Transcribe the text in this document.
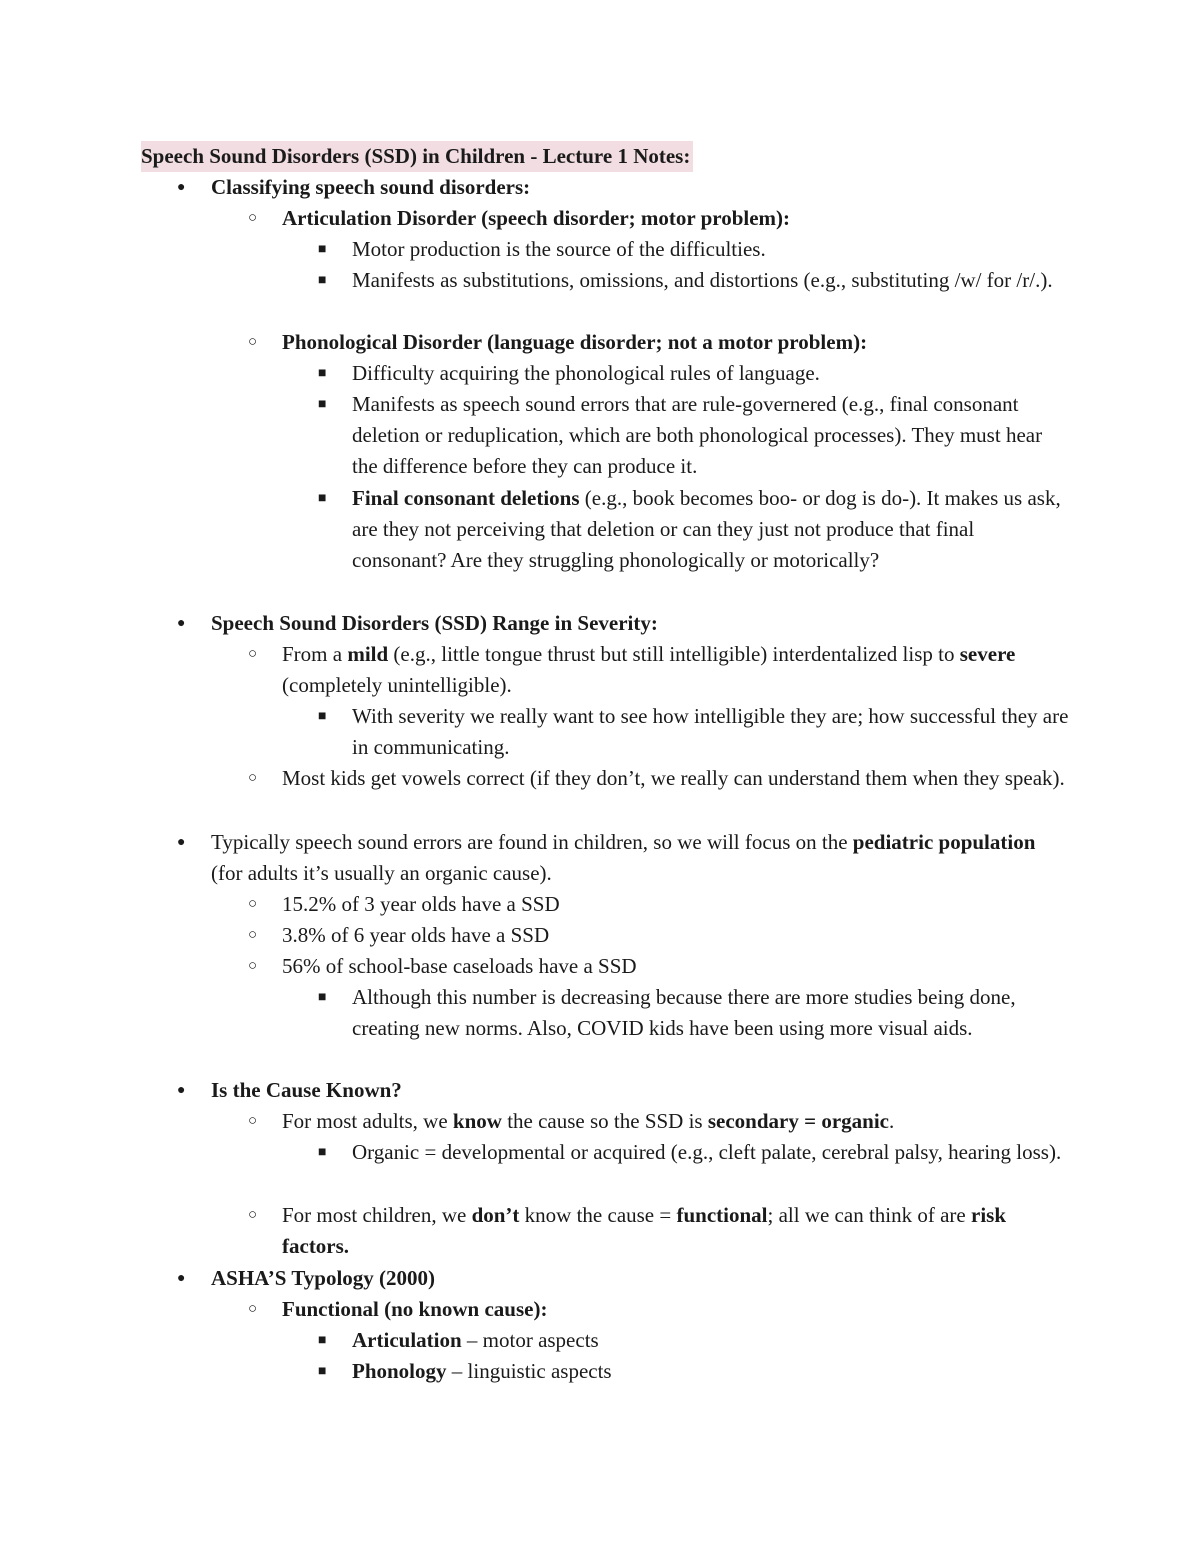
Speech Sound Disorders (SSD) in Children - Lecture 1 Notes:
● Classifying speech sound disorders:
○ Articulation Disorder (speech disorder; motor problem):
■ Motor production is the source of the difficulties.
■ Manifests as substitutions, omissions, and distortions (e.g., substituting /w/ for /r/.).
○ Phonological Disorder (language disorder; not a motor problem):
■ Difficulty acquiring the phonological rules of language.
■ Manifests as speech sound errors that are rule-governered (e.g., final consonant deletion or reduplication, which are both phonological processes). They must hear the difference before they can produce it.
■ Final consonant deletions (e.g., book becomes boo- or dog is do-). It makes us ask, are they not perceiving that deletion or can they just not produce that final consonant? Are they struggling phonologically or motorically?
● Speech Sound Disorders (SSD) Range in Severity:
○ From a mild (e.g., little tongue thrust but still intelligible) interdentalized lisp to severe (completely unintelligible).
■ With severity we really want to see how intelligible they are; how successful they are in communicating.
○ Most kids get vowels correct (if they don’t, we really can understand them when they speak).
● Typically speech sound errors are found in children, so we will focus on the pediatric population (for adults it’s usually an organic cause).
○ 15.2% of 3 year olds have a SSD
○ 3.8% of 6 year olds have a SSD
○ 56% of school-base caseloads have a SSD
■ Although this number is decreasing because there are more studies being done, creating new norms. Also, COVID kids have been using more visual aids.
● Is the Cause Known?
○ For most adults, we know the cause so the SSD is secondary = organic.
■ Organic = developmental or acquired (e.g., cleft palate, cerebral palsy, hearing loss).
○ For most children, we don’t know the cause = functional; all we can think of are risk factors.
● ASHA’S Typology (2000)
○ Functional (no known cause):
■ Articulation – motor aspects
■ Phonology – linguistic aspects
